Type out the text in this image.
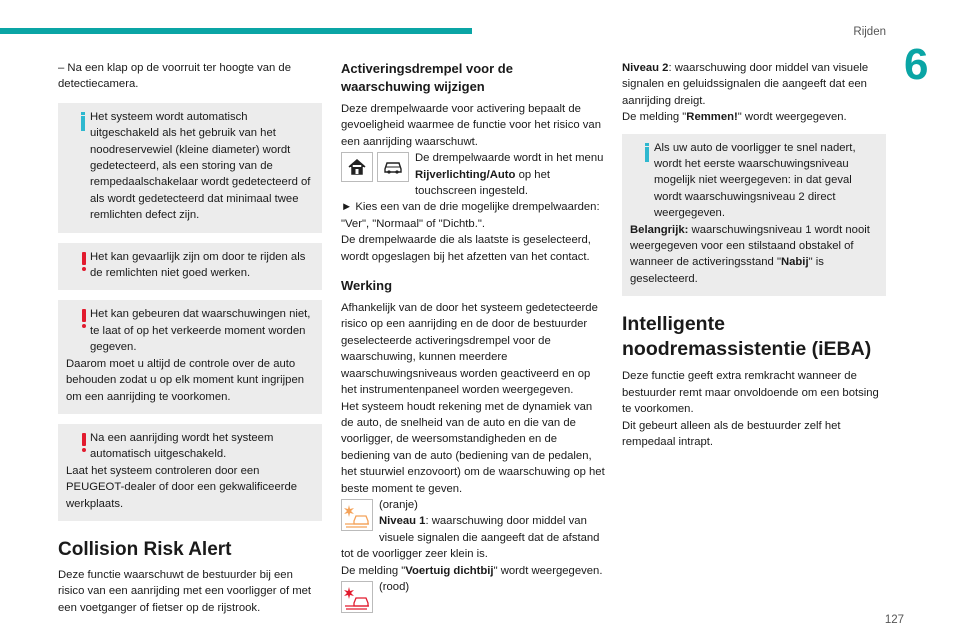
Rijden
6
127

– Na een klap op de voorruit ter hoogte van de detectiecamera.

Het systeem wordt automatisch uitgeschakeld als het gebruik van het noodreservewiel (kleine diameter) wordt gedetecteerd, als een storing van de rempedaalschakelaar wordt gedetecteerd of als wordt gedetecteerd dat minimaal twee remlichten defect zijn.

Het kan gevaarlijk zijn om door te rijden als de remlichten niet goed werken.

Het kan gebeuren dat waarschuwingen niet, te laat of op het verkeerde moment worden gegeven.

Daarom moet u altijd de controle over de auto behouden zodat u op elk moment kunt ingrijpen om een aanrijding te voorkomen.

Na een aanrijding wordt het systeem automatisch uitgeschakeld.

Laat het systeem controleren door een PEUGEOT-dealer of door een gekwalificeerde werkplaats.

Collision Risk Alert

Deze functie waarschuwt de bestuurder bij een risico van een aanrijding met een voorligger of met een voetganger of fietser op de rijstrook.

Activeringsdrempel voor de waarschuwing wijzigen

Deze drempelwaarde voor activering bepaalt de gevoeligheid waarmee de functie voor het risico van een aanrijding waarschuwt.

De drempelwaarde wordt in het menu Rijverlichting/Auto op het touchscreen ingesteld.

► Kies een van de drie mogelijke drempelwaarden: "Ver", "Normaal" of "Dichtb.".

De drempelwaarde die als laatste is geselecteerd, wordt opgeslagen bij het afzetten van het contact.

Werking

Afhankelijk van de door het systeem gedetecteerde risico op een aanrijding en de door de bestuurder geselecteerde activeringsdrempel voor de waarschuwing, kunnen meerdere waarschuwingsniveaus worden geactiveerd en op het instrumentenpaneel worden weergegeven.

Het systeem houdt rekening met de dynamiek van de auto, de snelheid van de auto en die van de voorligger, de weersomstandigheden en de bediening van de auto (bediening van de pedalen, het stuurwiel enzovoort) om de waarschuwing op het beste moment te geven.

(oranje)

Niveau 1: waarschuwing door middel van visuele signalen die aangeeft dat de afstand tot de voorligger zeer klein is.

De melding "Voertuig dichtbij" wordt weergegeven.

(rood)

Niveau 2: waarschuwing door middel van visuele signalen en geluidssignalen die aangeeft dat een aanrijding dreigt.

De melding "Remmen!" wordt weergegeven.

Als uw auto de voorligger te snel nadert, wordt het eerste waarschuwingsniveau mogelijk niet weergegeven: in dat geval wordt waarschuwingsniveau 2 direct weergegeven.

Belangrijk: waarschuwingsniveau 1 wordt nooit weergegeven voor een stilstaand obstakel of wanneer de activeringsstand "Nabij" is geselecteerd.

Intelligente noodremassistentie (iEBA)

Deze functie geeft extra remkracht wanneer de bestuurder remt maar onvoldoende om een botsing te voorkomen.

Dit gebeurt alleen als de bestuurder zelf het rempedaal intrapt.
